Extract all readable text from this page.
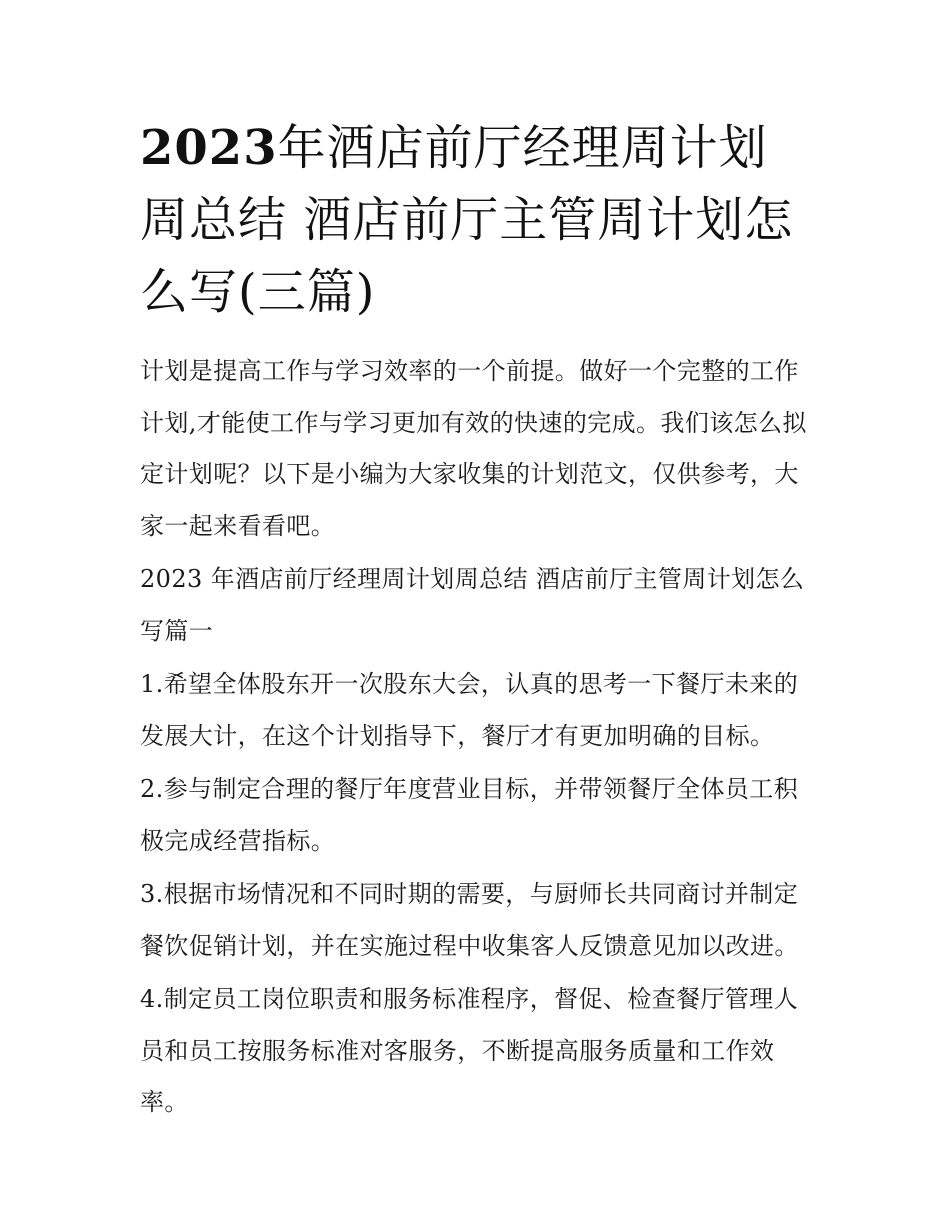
2023年酒店前厅经理周计划周总结 酒店前厅主管周计划怎么写(三篇)

计划是提高工作与学习效率的一个前提。做好一个完整的工作计划,才能使工作与学习更加有效的快速的完成。我们该怎么拟定计划呢？以下是小编为大家收集的计划范文，仅供参考，大家一起来看看吧。

2023 年酒店前厅经理周计划周总结 酒店前厅主管周计划怎么写篇一

1.希望全体股东开一次股东大会，认真的思考一下餐厅未来的发展大计，在这个计划指导下，餐厅才有更加明确的目标。

2.参与制定合理的餐厅年度营业目标，并带领餐厅全体员工积极完成经营指标。

3.根据市场情况和不同时期的需要，与厨师长共同商讨并制定餐饮促销计划，并在实施过程中收集客人反馈意见加以改进。

4.制定员工岗位职责和服务标准程序，督促、检查餐厅管理人员和员工按服务标准对客服务，不断提高服务质量和工作效率。
